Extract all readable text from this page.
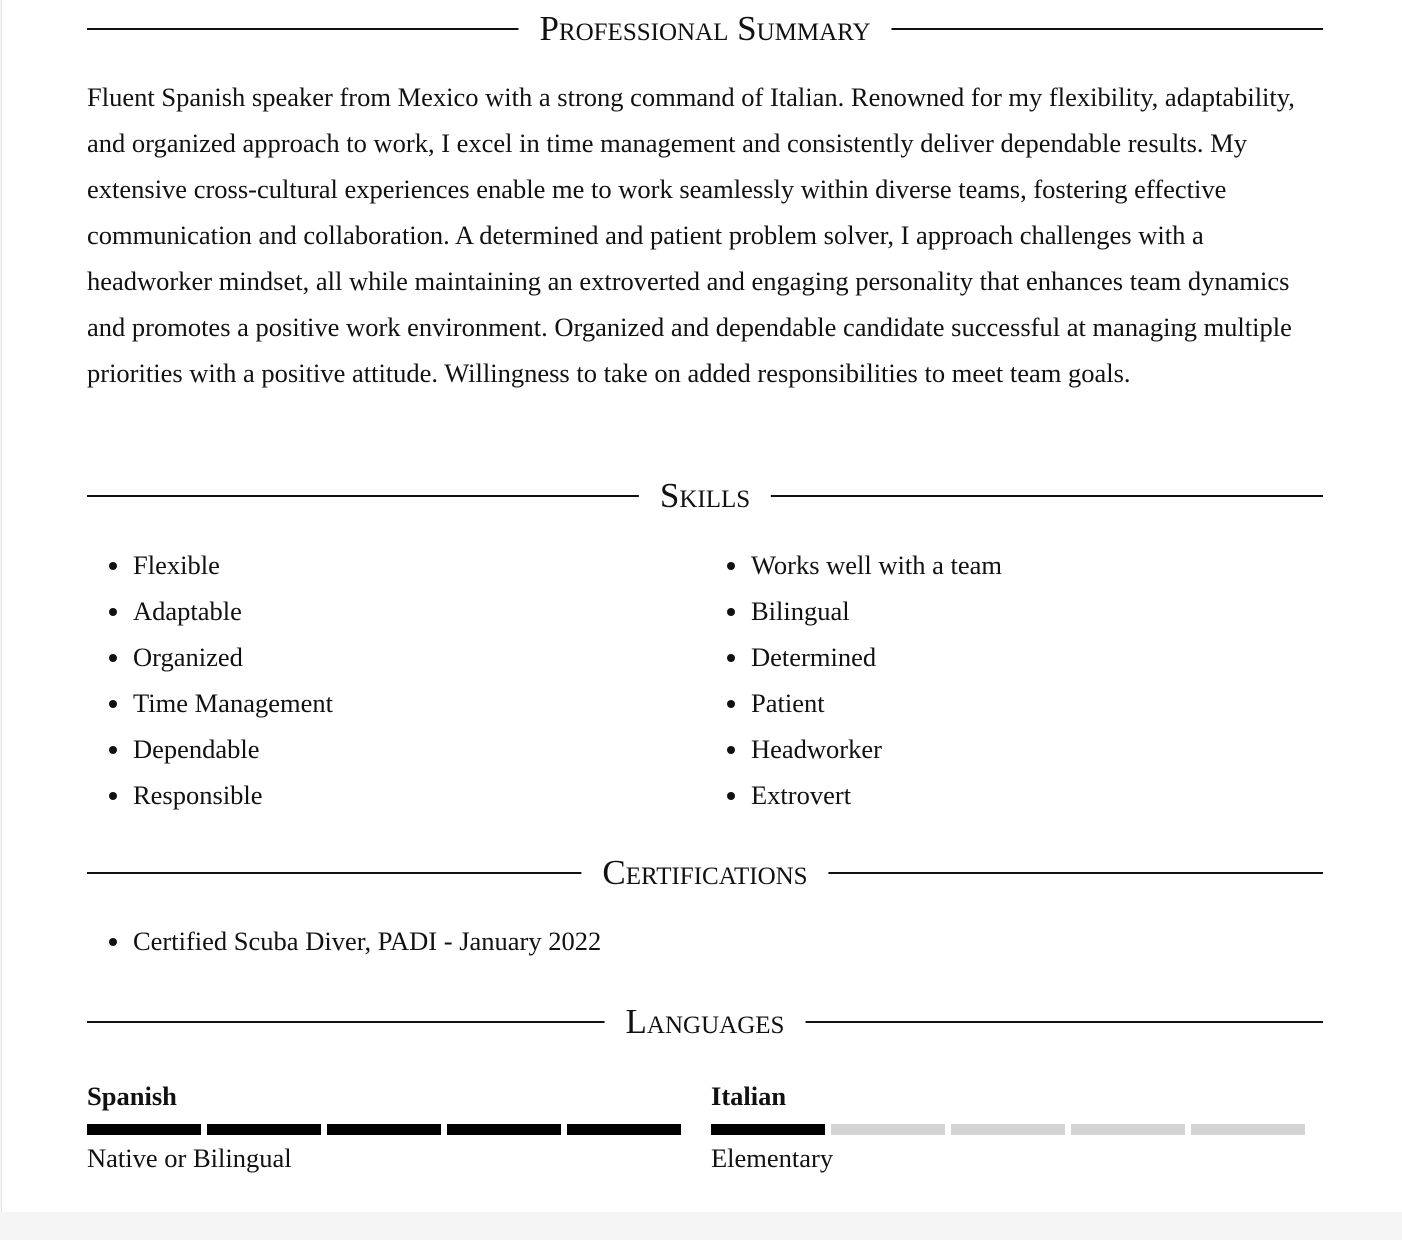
Professional Summary

Fluent Spanish speaker from Mexico with a strong command of Italian. Renowned for my flexibility, adaptability, and organized approach to work, I excel in time management and consistently deliver dependable results. My extensive cross-cultural experiences enable me to work seamlessly within diverse teams, fostering effective communication and collaboration. A determined and patient problem solver, I approach challenges with a headworker mindset, all while maintaining an extroverted and engaging personality that enhances team dynamics and promotes a positive work environment. Organized and dependable candidate successful at managing multiple priorities with a positive attitude. Willingness to take on added responsibilities to meet team goals.

Skills
Flexible
Adaptable
Organized
Time Management
Dependable
Responsible
Works well with a team
Bilingual
Determined
Patient
Headworker
Extrovert
Certifications
Certified Scuba Diver, PADI - January 2022
Languages
Spanish
Native or Bilingual
Italian
Elementary
